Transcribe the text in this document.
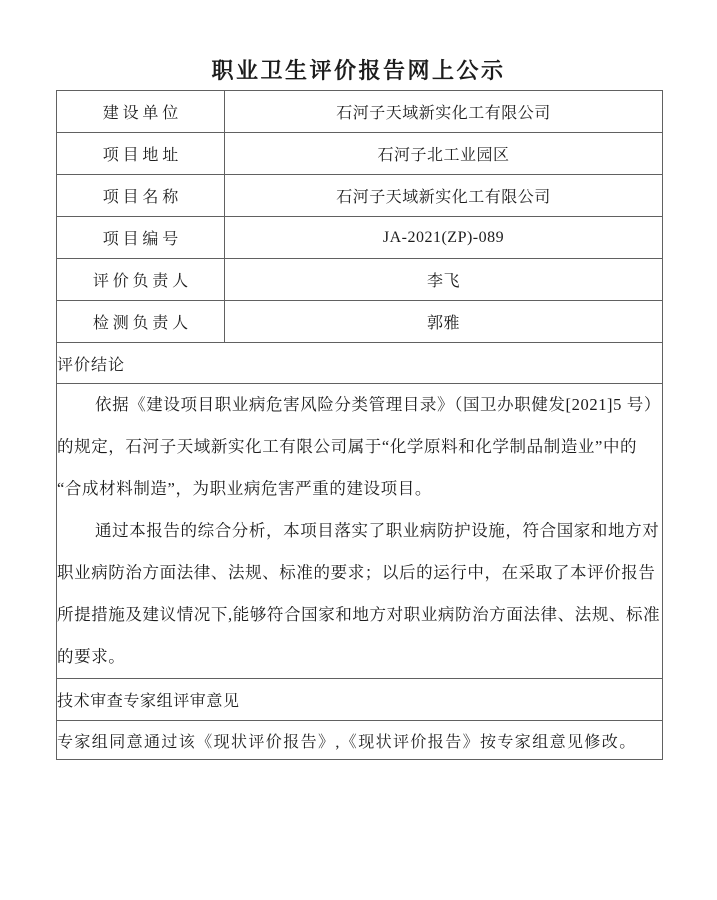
职业卫生评价报告网上公示
建设单位	石河子天域新实化工有限公司
项目地址	石河子北工业园区
项目名称	石河子天域新实化工有限公司
项目编号	JA-2021(ZP)-089
评价负责人	李飞
检测负责人	郭雅
评价结论	

依据《建设项目职业病危害风险分类管理目录》（国卫办职健发[2021]5 号）的规定，石河子天域新实化工有限公司属于“化学原料和化学制品制造业”中的“合成材料制造”，为职业病危害严重的建设项目。

通过本报告的综合分析，本项目落实了职业病防护设施，符合国家和地方对职业病防治方面法律、法规、标准的要求；以后的运行中，在采取了本评价报告所提措施及建议情况下,能够符合国家和地方对职业病防治方面法律、法规、标准的要求。	

技术审查专家组评审意见	
专家组同意通过该《现状评价报告》,《现状评价报告》按专家组意见修改。	
